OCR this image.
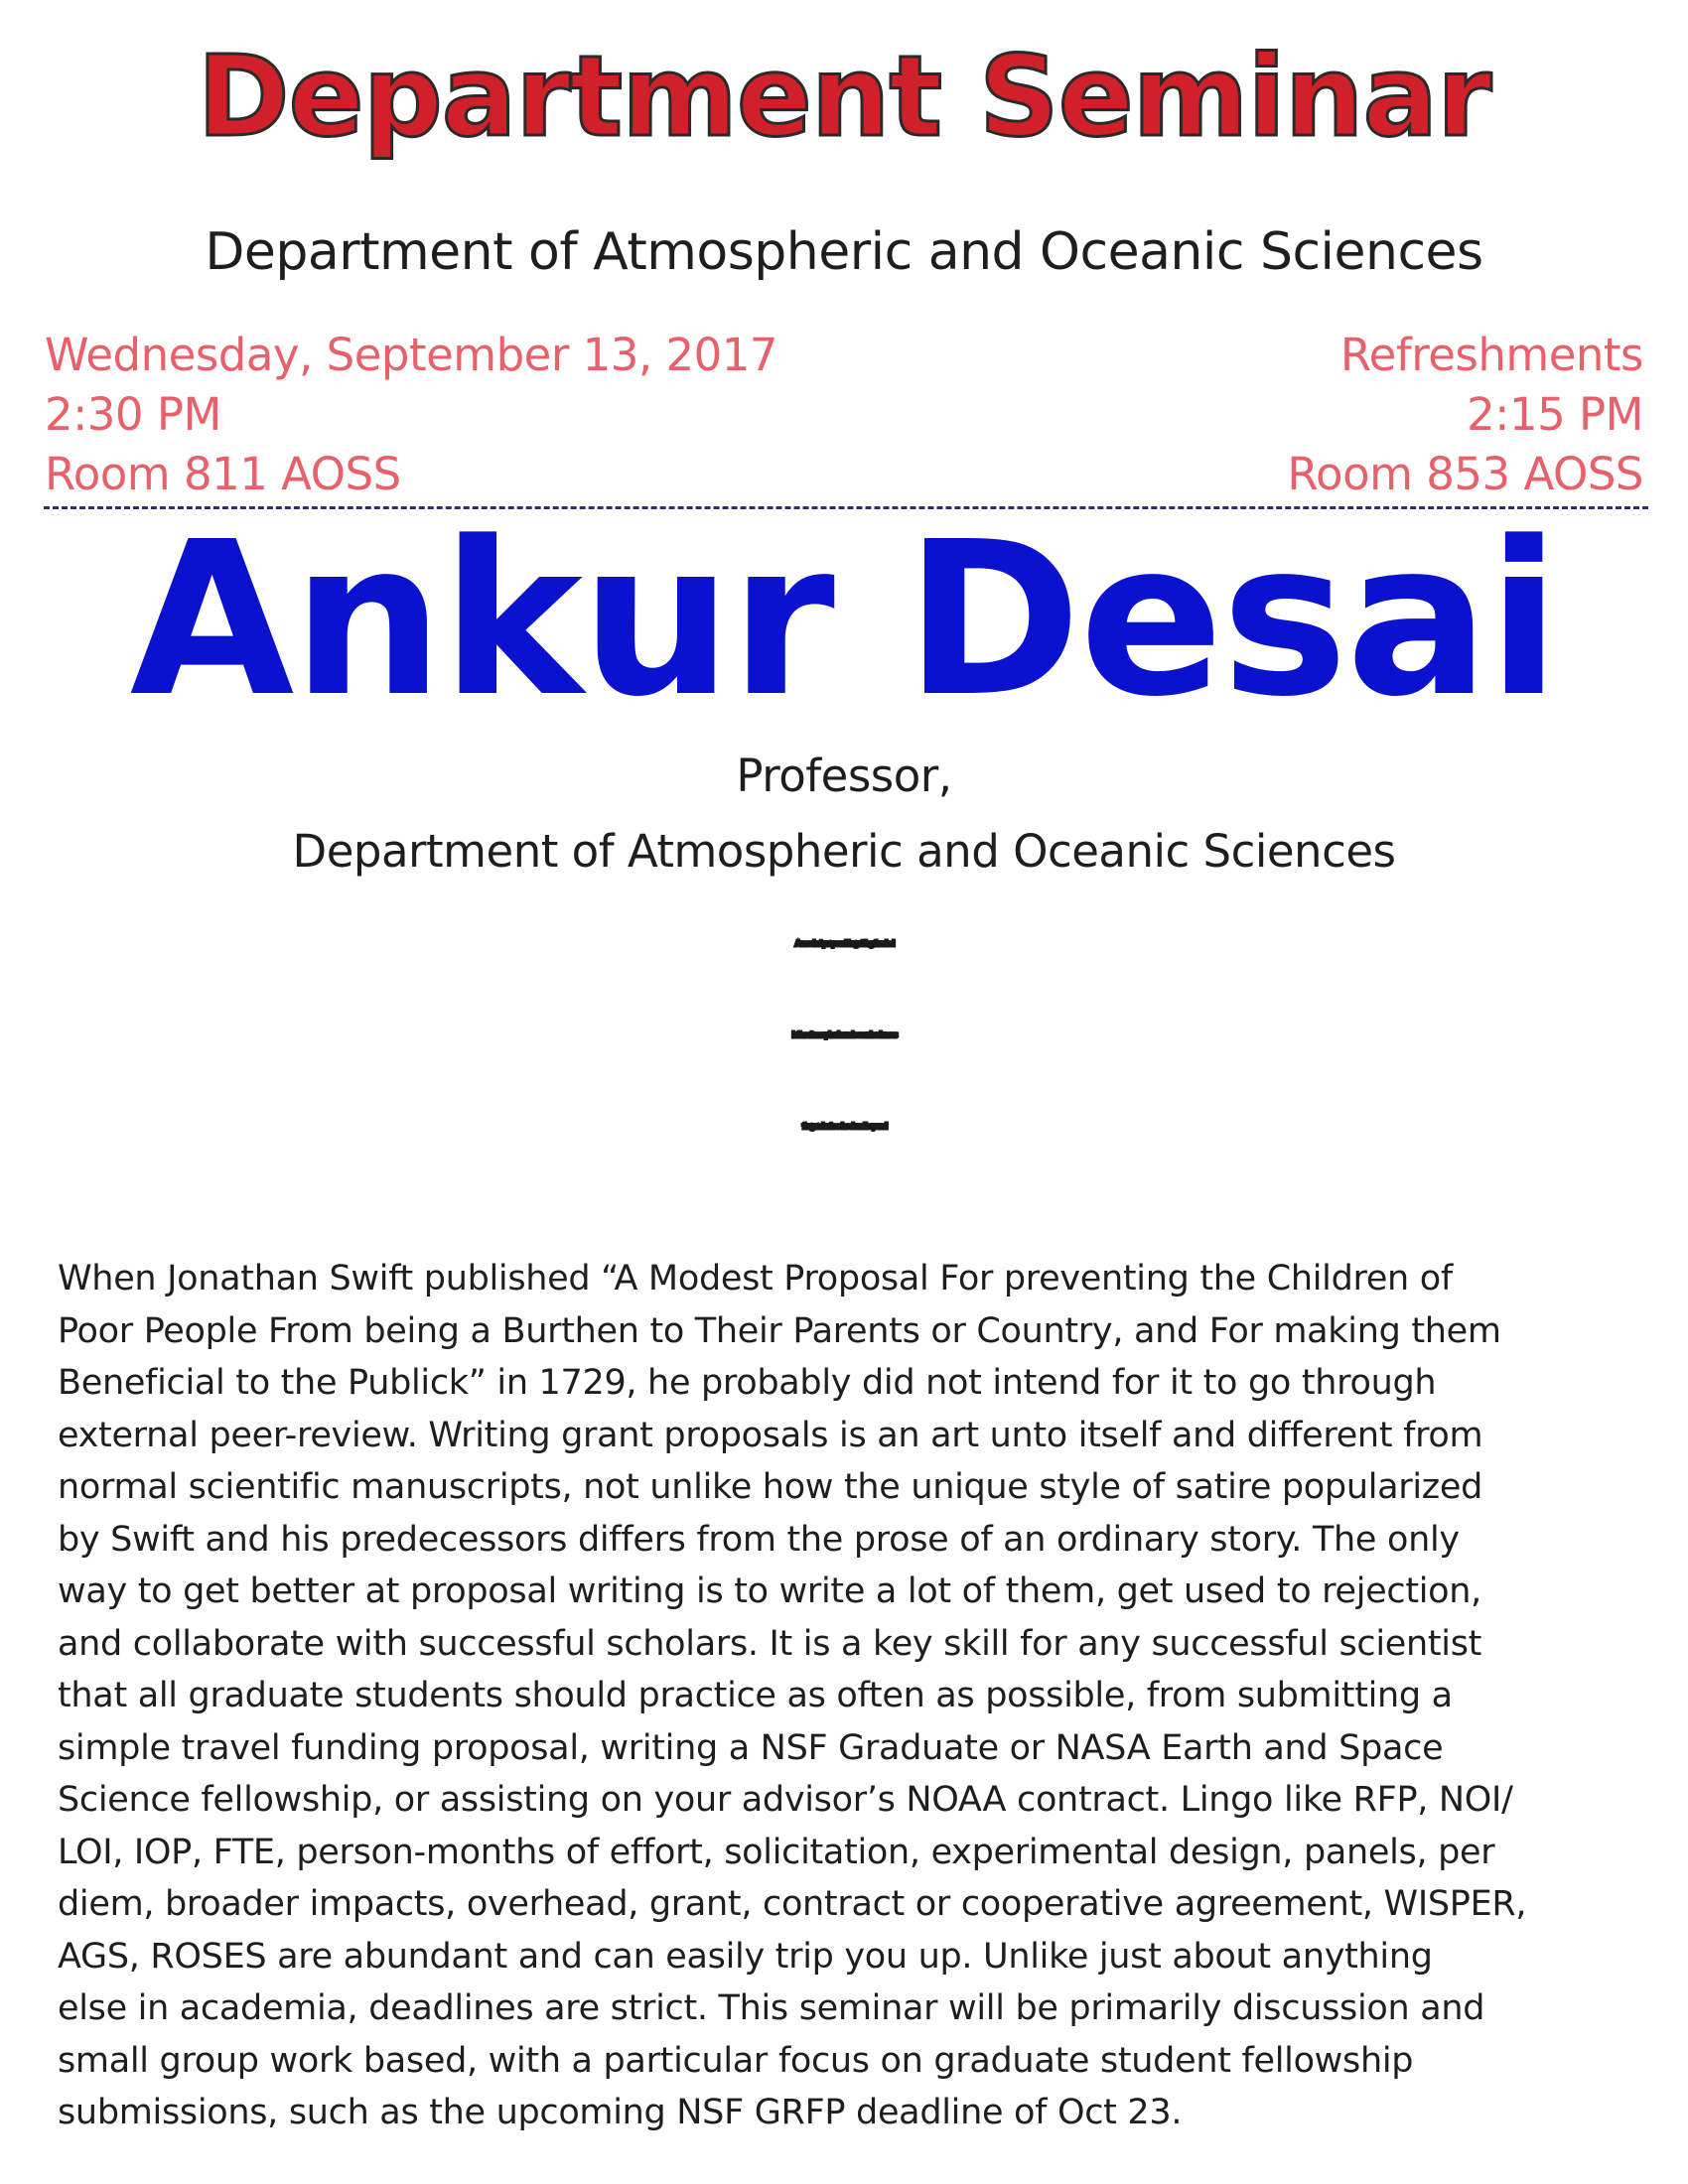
Department Seminar
Department of Atmospheric and Oceanic Sciences
Wednesday, September 13, 2017
2:30 PM
Room 811 AOSS
Refreshments
2:15 PM
Room 853 AOSS
Ankur Desai
Professor,
Department of Atmospheric and Oceanic Sciences
A modest proposal for getting funded
in the atmospheric and oceanic sciences
for graduate school and beyond
When Jonathan Swift published “A Modest Proposal For preventing the Children of
Poor People From being a Burthen to Their Parents or Country, and For making them
Beneficial to the Publick” in 1729, he probably did not intend for it to go through
external peer-review. Writing grant proposals is an art unto itself and different from
normal scientific manuscripts, not unlike how the unique style of satire popularized
by Swift and his predecessors differs from the prose of an ordinary story. The only
way to get better at proposal writing is to write a lot of them, get used to rejection,
and collaborate with successful scholars. It is a key skill for any successful scientist
that all graduate students should practice as often as possible, from submitting a
simple travel funding proposal, writing a NSF Graduate or NASA Earth and Space
Science fellowship, or assisting on your advisor’s NOAA contract. Lingo like RFP, NOI/
LOI, IOP, FTE, person-months of effort, solicitation, experimental design, panels, per
diem, broader impacts, overhead, grant, contract or cooperative agreement, WISPER,
AGS, ROSES are abundant and can easily trip you up. Unlike just about anything
else in academia, deadlines are strict. This seminar will be primarily discussion and
small group work based, with a particular focus on graduate student fellowship
submissions, such as the upcoming NSF GRFP deadline of Oct 23.
